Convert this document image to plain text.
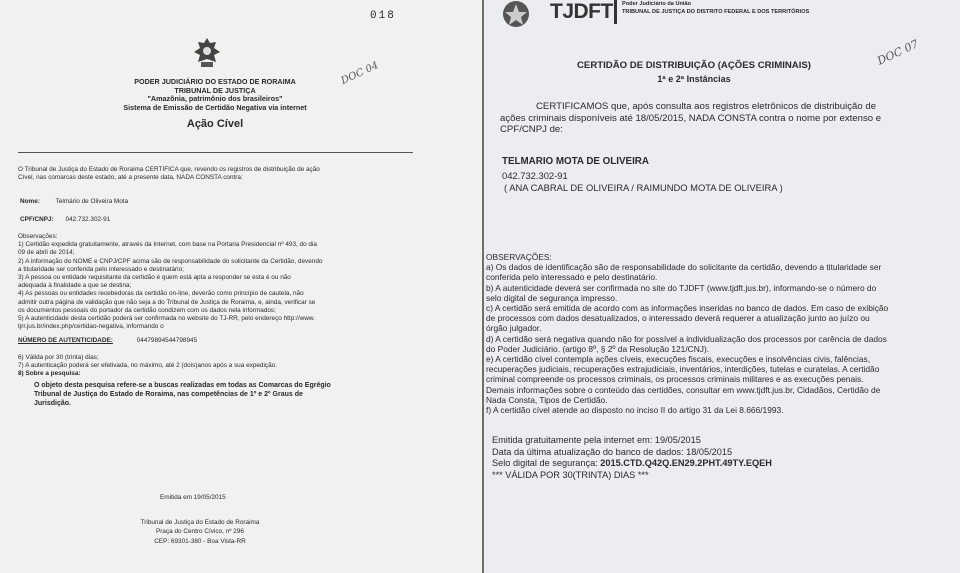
018
DOC 04
PODER JUDICIÁRIO DO ESTADO DE RORAIMA
TRIBUNAL DE JUSTIÇA
"Amazônia, patrimônio dos brasileiros"
Sistema de Emissão de Certidão Negativa via internet
Ação Cível
O Tribunal de Justiça do Estado de Roraima CERTIFICA que, revendo os registros de distribuição de ação
Cível, nas comarcas deste estado, até a presente data, NADA CONSTA contra:
Nome: Telmário de Oliveira Mota
CPF/CNPJ: 042.732.302-91
Observações:
1) Certidão expedida gratuitamente, através da Internet, com base na Portaria Presidencial nº 493, do dia
09 de abril de 2014;
2) A informação do NOME e CNPJ/CPF acima são de responsabilidade do solicitante da Certidão, devendo
a titularidade ser conferida pelo interessado e destinatário;
3) A pessoa ou entidade requisitante da certidão é quem está apta a responder se esta é ou não
adequada à finalidade a que se destina;
4) As pessoas ou entidades recebedoras da certidão on-line, deverão como princípio de cautela, não
admitir outra página de validação que não seja a do Tribunal de Justiça de Roraima, e, ainda, verificar se
os documentos pessoais do portador da certidão condizem com os dados nela informados;
5) A autenticidade desta certidão poderá ser confirmada no website do TJ-RR, pelo endereço http://www.
tjrr.jus.br/index.php/certidao-negativa, informando o
NÚMERO DE AUTENTICIDADE:	04479894544798945
6) Válida por 30 (trinta) dias;
7) A autenticação poderá ser efetivada, no máximo, até 2 (dois)anos após a sua expedição.
8) Sobre a pesquisa:
O objeto desta pesquisa refere-se a buscas realizadas em todas as Comarcas do Egrégio
Tribunal de Justiça do Estado de Roraima, nas competências de 1º e 2º Graus de
Jurisdição.
Emitida em 19/05/2015
Tribunal de Justiça do Estado de Roraima
Praça do Centro Cívico, nº 296
CEP: 69301-380 - Boa Vista-RR
TJDFT Poder Judiciário da União
TRIBUNAL DE JUSTIÇA DO DISTRITO FEDERAL E DOS TERRITÓRIOS
DOC 07
CERTIDÃO DE DISTRIBUIÇÃO (AÇÕES CRIMINAIS)
1ª e 2ª Instâncias
CERTIFICAMOS que, após consulta aos registros eletrônicos de distribuição de
ações criminais disponíveis até 18/05/2015, NADA CONSTA contra o nome por extenso e
CPF/CNPJ de:
TELMARIO MOTA DE OLIVEIRA
042.732.302-91
( ANA CABRAL DE OLIVEIRA / RAIMUNDO MOTA DE OLIVEIRA )
OBSERVAÇÕES:
a) Os dados de identificação são de responsabilidade do solicitante da certidão, devendo a titularidade ser
conferida pelo interessado e pelo destinatário.
b) A autenticidade deverá ser confirmada no site do TJDFT (www.tjdft.jus.br), informando-se o número do
selo digital de segurança impresso.
c) A certidão será emitida de acordo com as informações inseridas no banco de dados. Em caso de exibição
de processos com dados desatualizados, o interessado deverá requerer a atualização junto ao juízo ou
órgão julgador.
d) A certidão será negativa quando não for possível a individualização dos processos por carência de dados
do Poder Judiciário. (artigo 8º, § 2º da Resolução 121/CNJ).
e) A certidão cível contempla ações cíveis, execuções fiscais, execuções e insolvências civis, falências,
recuperações judiciais, recuperações extrajudiciais, inventários, interdições, tutelas e curatelas. A certidão
criminal compreende os processos criminais, os processos criminais militares e as execuções penais.
Demais informações sobre o conteúdo das certidões, consultar em www.tjdft.jus.br, Cidadãos, Certidão de
Nada Consta, Tipos de Certidão.
f) A certidão cível atende ao disposto no inciso II do artigo 31 da Lei 8.666/1993.
Emitida gratuitamente pela internet em: 19/05/2015
Data da última atualização do banco de dados: 18/05/2015
Selo digital de segurança: 2015.CTD.Q42Q.EN29.2PHT.49TY.EQEH
*** VÁLIDA POR 30(TRINTA) DIAS ***
